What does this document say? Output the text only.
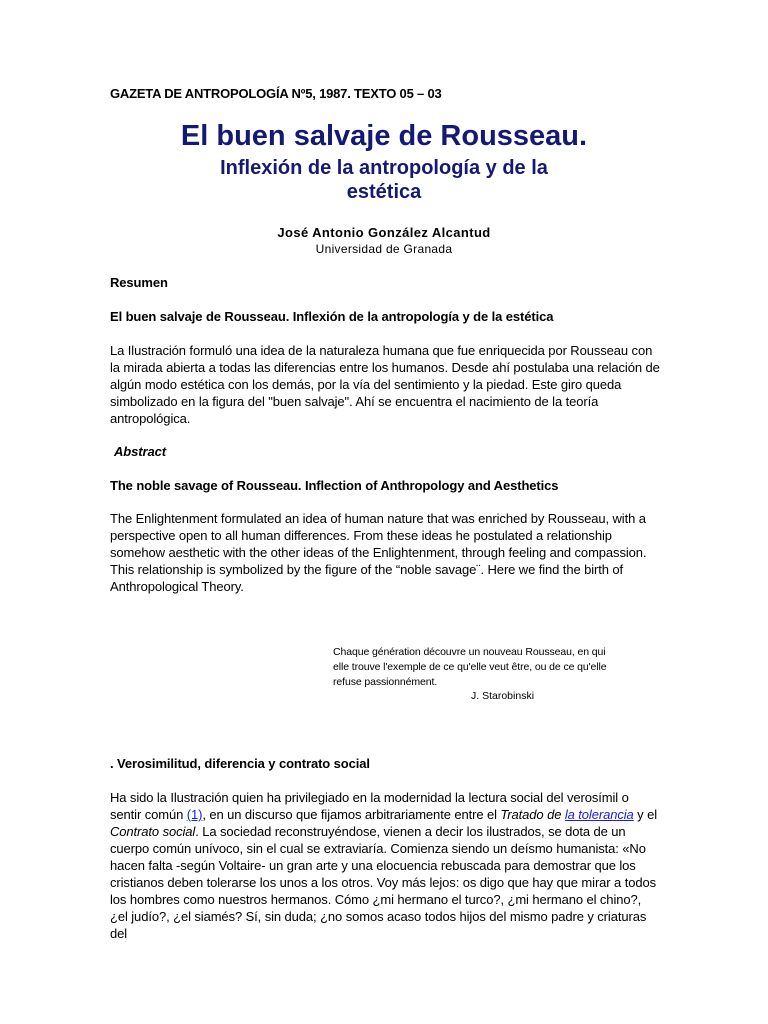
GAZETA DE ANTROPOLOGÍA Nº5, 1987. TEXTO 05 – 03
El buen salvaje de Rousseau.
Inflexión de la antropología y de la estética
José Antonio González Alcantud
Universidad de Granada
Resumen
El buen salvaje de Rousseau. Inflexión de la antropología y de la estética
La Ilustración formuló una idea de la naturaleza humana que fue enriquecida por Rousseau con la mirada abierta a todas las diferencias entre los humanos. Desde ahí postulaba una relación de algún modo estética con los demás, por la vía del sentimiento y la piedad. Este giro queda simbolizado en la figura del "buen salvaje". Ahí se encuentra el nacimiento de la teoría antropológica.
Abstract
The noble savage of Rousseau. Inflection of Anthropology and Aesthetics
The Enlightenment formulated an idea of human nature that was enriched by Rousseau, with a perspective open to all human differences. From these ideas he postulated a relationship somehow aesthetic with the other ideas of the Enlightenment, through feeling and compassion. This relationship is symbolized by the figure of the “noble savage¨. Here we find the birth of Anthropological Theory.
Chaque génération découvre un nouveau Rousseau, en qui elle trouve l'exemple de ce qu'elle veut être, ou de ce qu'elle refuse passionnément.
J. Starobinski
. Verosimilitud, diferencia y contrato social
Ha sido la Ilustración quien ha privilegiado en la modernidad la lectura social del verosímil o sentir común (1), en un discurso que fijamos arbitrariamente entre el Tratado de la tolerancia y el Contrato social. La sociedad reconstruyéndose, vienen a decir los ilustrados, se dota de un cuerpo común unívoco, sin el cual se extraviaría. Comienza siendo un deísmo humanista: «No hacen falta -según Voltaire- un gran arte y una elocuencia rebuscada para demostrar que los cristianos deben tolerarse los unos a los otros. Voy más lejos: os digo que hay que mirar a todos los hombres como nuestros hermanos. Cómo ¿mi hermano el turco?, ¿mi hermano el chino?, ¿el judío?, ¿el siamés? Sí, sin duda; ¿no somos acaso todos hijos del mismo padre y criaturas del
